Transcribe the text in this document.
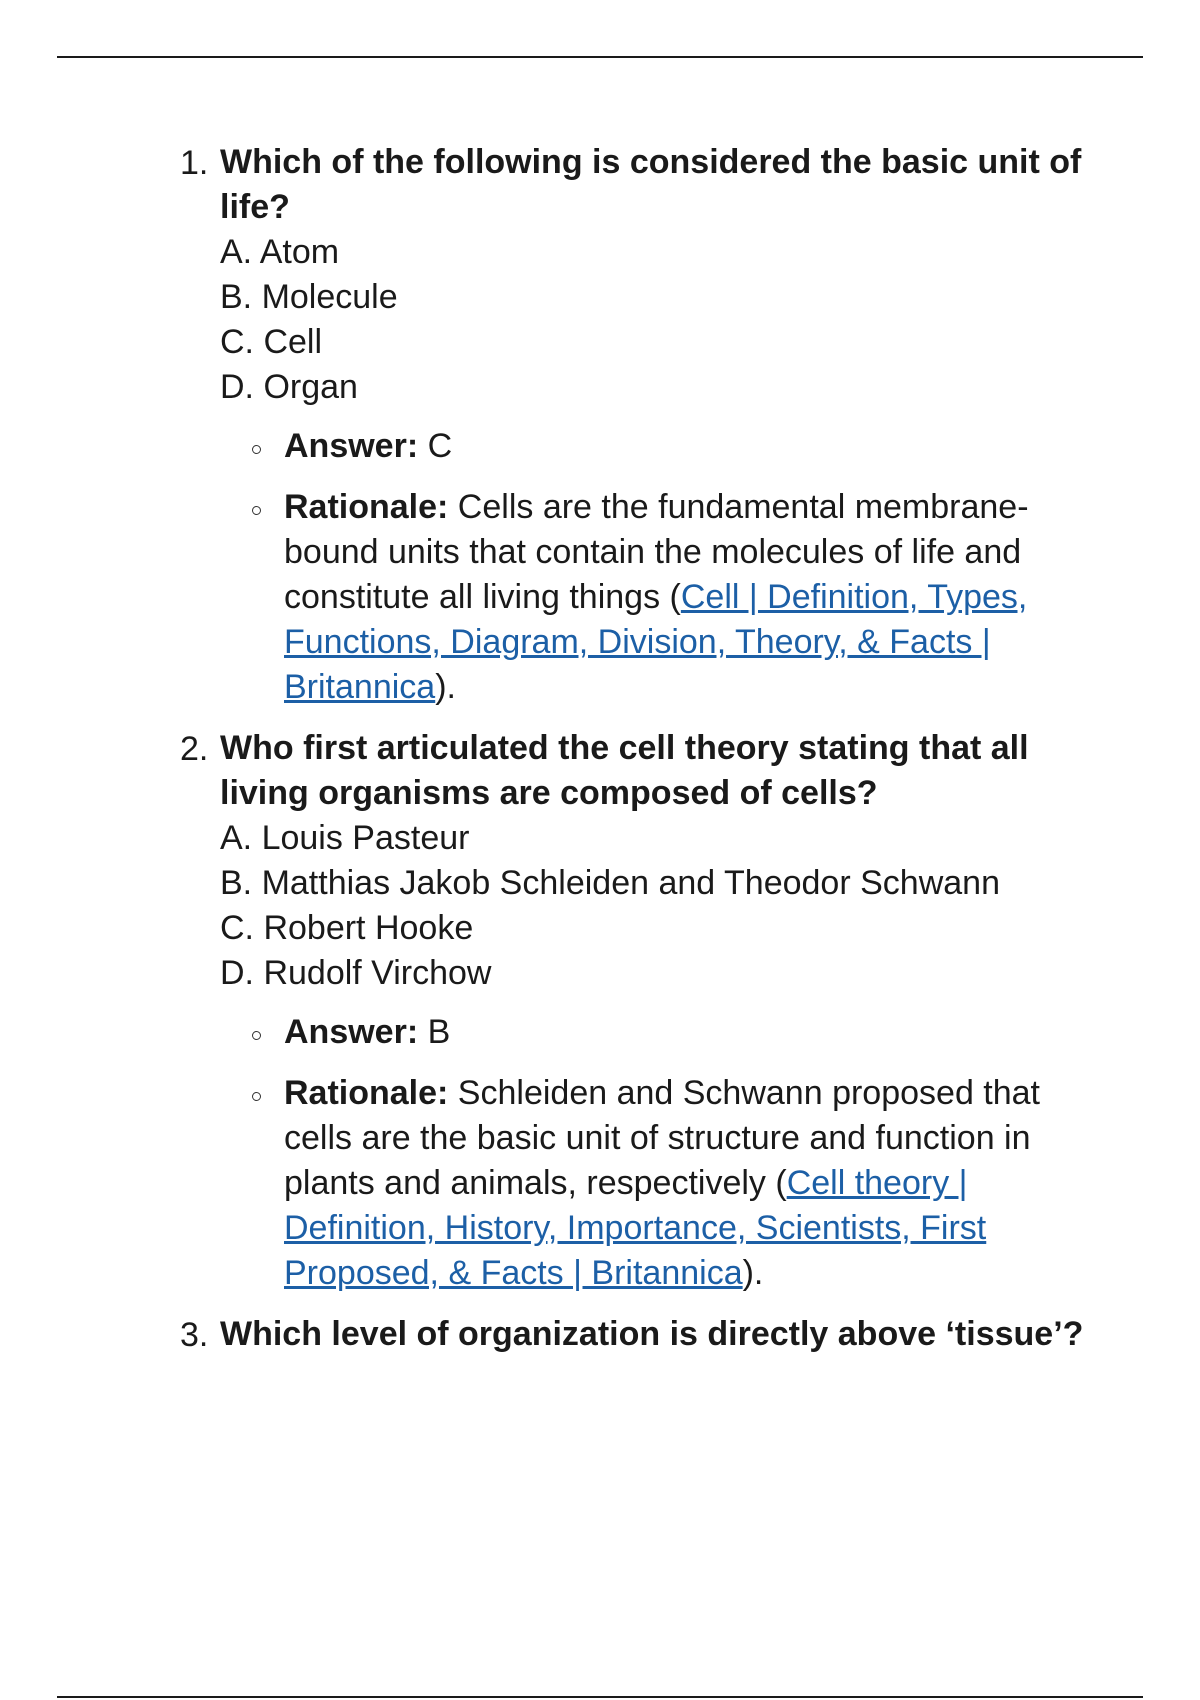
1. Which of the following is considered the basic unit of life?

A. Atom
B. Molecule
C. Cell
D. Organ
Answer: C
Rationale: Cells are the fundamental membrane-bound units that contain the molecules of life and constitute all living things (Cell | Definition, Types, Functions, Diagram, Division, Theory, & Facts | Britannica).
2. Who first articulated the cell theory stating that all living organisms are composed of cells?

A. Louis Pasteur
B. Matthias Jakob Schleiden and Theodor Schwann
C. Robert Hooke
D. Rudolf Virchow
Answer: B
Rationale: Schleiden and Schwann proposed that cells are the basic unit of structure and function in plants and animals, respectively (Cell theory | Definition, History, Importance, Scientists, First Proposed, & Facts | Britannica).
3. Which level of organization is directly above ‘tissue’?
